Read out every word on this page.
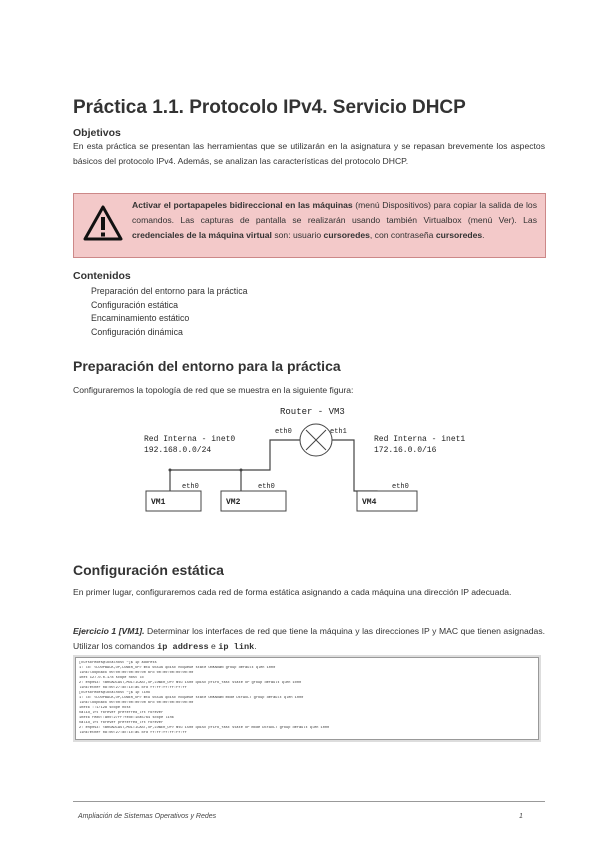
Práctica 1.1. Protocolo IPv4. Servicio DHCP
Objetivos

En esta práctica se presentan las herramientas que se utilizarán en la asignatura y se repasan brevemente los aspectos básicos del protocolo IPv4. Además, se analizan las características del protocolo DHCP.

Activar el portapapeles bidireccional en las máquinas (menú Dispositivos) para copiar la salida de los comandos. Las capturas de pantalla se realizarán usando también Virtualbox (menú Ver). Las credenciales de la máquina virtual son: usuario cursoredes, con contraseña cursoredes.

Contenidos
Preparación del entorno para la práctica
Configuración estática
Encaminamiento estático
Configuración dinámica
Preparación del entorno para la práctica

Configuraremos la topología de red que se muestra en la siguiente figura:

Router - VM3
eth0	eth1
Red Interna - inet0
192.168.0.0/24
Red Interna - inet1
172.16.0.0/16
VM1
eth0
VM2
eth0
VM4
eth0
Configuración estática

En primer lugar, configuraremos cada red de forma estática asignando a cada máquina una dirección IP adecuada.

Ejercicio 1 [VM1]. Determinar los interfaces de red que tiene la máquina y las direcciones IP y MAC que tienen asignadas. Utilizar los comandos ip address e ip link.

[cursoredes@localhost ~]$ ip address
1: lo: <LOOPBACK,UP,LOWER_UP> mtu 65536 qdisc noqueue state UNKNOWN group default qlen 1000
link/loopback 00:00:00:00:00:00 brd 00:00:00:00:00:00
inet 127.0.0.1/8 scope host lo
2: enp0s3: <BROADCAST,MULTICAST,UP,LOWER_UP> mtu 1500 qdisc pfifo_fast state UP group default qlen 1000
link/ether 08:00:27:dc:1c:a5 brd ff:ff:ff:ff:ff:ff
[cursoredes@localhost ~]$ ip link
1: lo: <LOOPBACK,UP,LOWER_UP> mtu 65536 qdisc noqueue state UNKNOWN mode DEFAULT group default qlen 1000
link/loopback 00:00:00:00:00:00 brd 00:00:00:00:00:00
inet6 ::1/128 scope host
valid_lft forever preferred_lft forever
inet6 fe80::a00:27ff:fedc:1ca5/64 scope link
valid_lft forever preferred_lft forever
2: enp0s3: <BROADCAST,MULTICAST,UP,LOWER_UP> mtu 1500 qdisc pfifo_fast state UP mode DEFAULT group default qlen 1000
link/ether 08:00:27:dc:1c:a5 brd ff:ff:ff:ff:ff:ff
Ampliación de Sistemas Operativos y Redes	1
